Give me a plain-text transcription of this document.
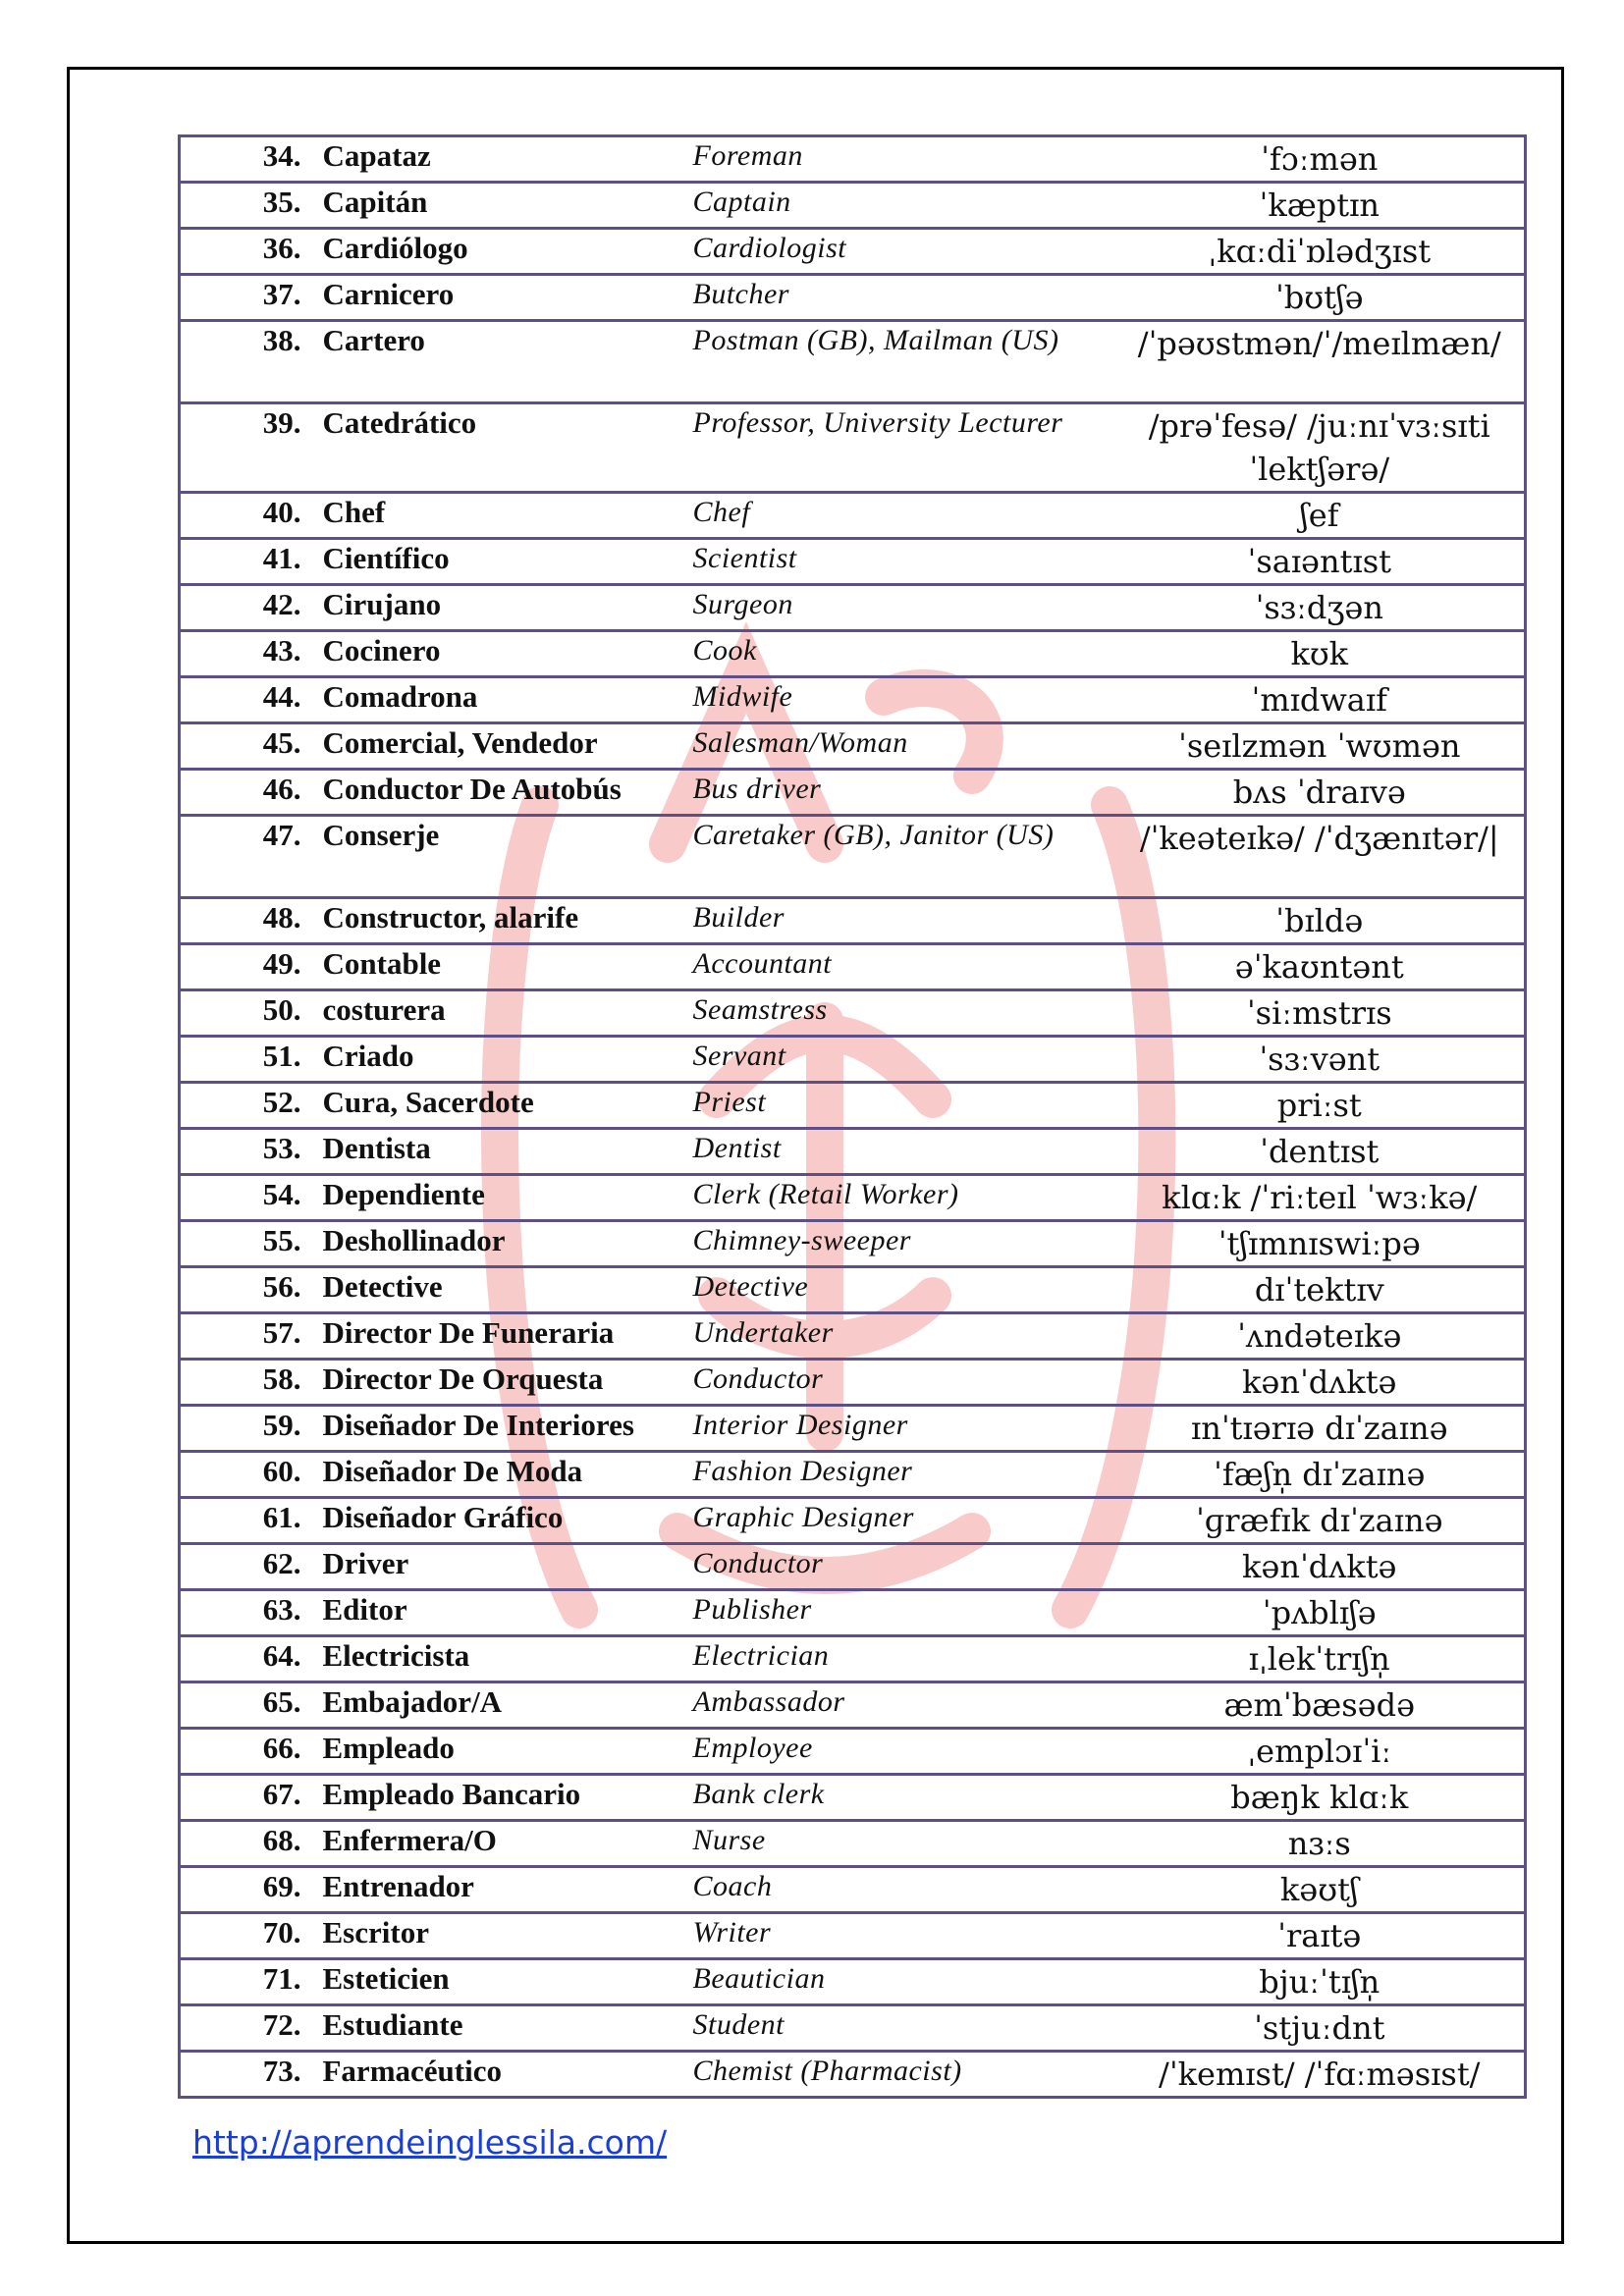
34.	Capataz	Foreman	ˈfɔːmən
35.	Capitán	Captain	ˈkæptɪn
36.	Cardiólogo	Cardiologist	ˌkɑːdiˈɒlədʒɪst
37.	Carnicero	Butcher	ˈbʊtʃə
38.	Cartero	Postman (GB), Mailman (US)	/ˈpəʊstmən/ˈ/meɪlmæn/
39.	Catedrático	Professor, University Lecturer	/prəˈfesə/ /juːnɪˈvɜːsɪti ˈlektʃərə/
40.	Chef	Chef	ʃef
41.	Científico	Scientist	ˈsaɪəntɪst
42.	Cirujano	Surgeon	ˈsɜːdʒən
43.	Cocinero	Cook	kʊk
44.	Comadrona	Midwife	ˈmɪdwaɪf
45.	Comercial, Vendedor	Salesman/Woman	ˈseɪlzmən ˈwʊmən
46.	Conductor De Autobús	Bus driver	bʌs ˈdraɪvə
47.	Conserje	Caretaker (GB), Janitor (US)	/ˈkeəteɪkə/ /ˈdʒænɪtər/|
48.	Constructor, alarife	Builder	ˈbɪldə
49.	Contable	Accountant	əˈkaʊntənt
50.	costurera	Seamstress	ˈsiːmstrɪs
51.	Criado	Servant	ˈsɜːvənt
52.	Cura, Sacerdote	Priest	priːst
53.	Dentista	Dentist	ˈdentɪst
54.	Dependiente	Clerk (Retail Worker)	klɑːk /ˈriːteɪl ˈwɜːkə/
55.	Deshollinador	Chimney-sweeper	ˈtʃɪmnɪswiːpə
56.	Detective	Detective	dɪˈtektɪv
57.	Director De Funeraria	Undertaker	ˈʌndəteɪkə
58.	Director De Orquesta	Conductor	kənˈdʌktə
59.	Diseñador De Interiores	Interior Designer	ɪnˈtɪərɪə dɪˈzaɪnə
60.	Diseñador De Moda	Fashion Designer	ˈfæʃn̩ dɪˈzaɪnə
61.	Diseñador Gráfico	Graphic Designer	ˈɡræfɪk dɪˈzaɪnə
62.	Driver	Conductor	kənˈdʌktə
63.	Editor	Publisher	ˈpʌblɪʃə
64.	Electricista	Electrician	ɪˌlekˈtrɪʃn̩
65.	Embajador/A	Ambassador	æmˈbæsədə
66.	Empleado	Employee	ˌemplɔɪˈiː
67.	Empleado Bancario	Bank clerk	bæŋk klɑːk
68.	Enfermera/O	Nurse	nɜːs
69.	Entrenador	Coach	kəʊtʃ
70.	Escritor	Writer	ˈraɪtə
71.	Esteticien	Beautician	bjuːˈtɪʃn̩
72.	Estudiante	Student	ˈstjuːdnt
73.	Farmacéutico	Chemist (Pharmacist)	/ˈkemɪst/ /ˈfɑːməsɪst/
http://aprendeinglessila.com/
